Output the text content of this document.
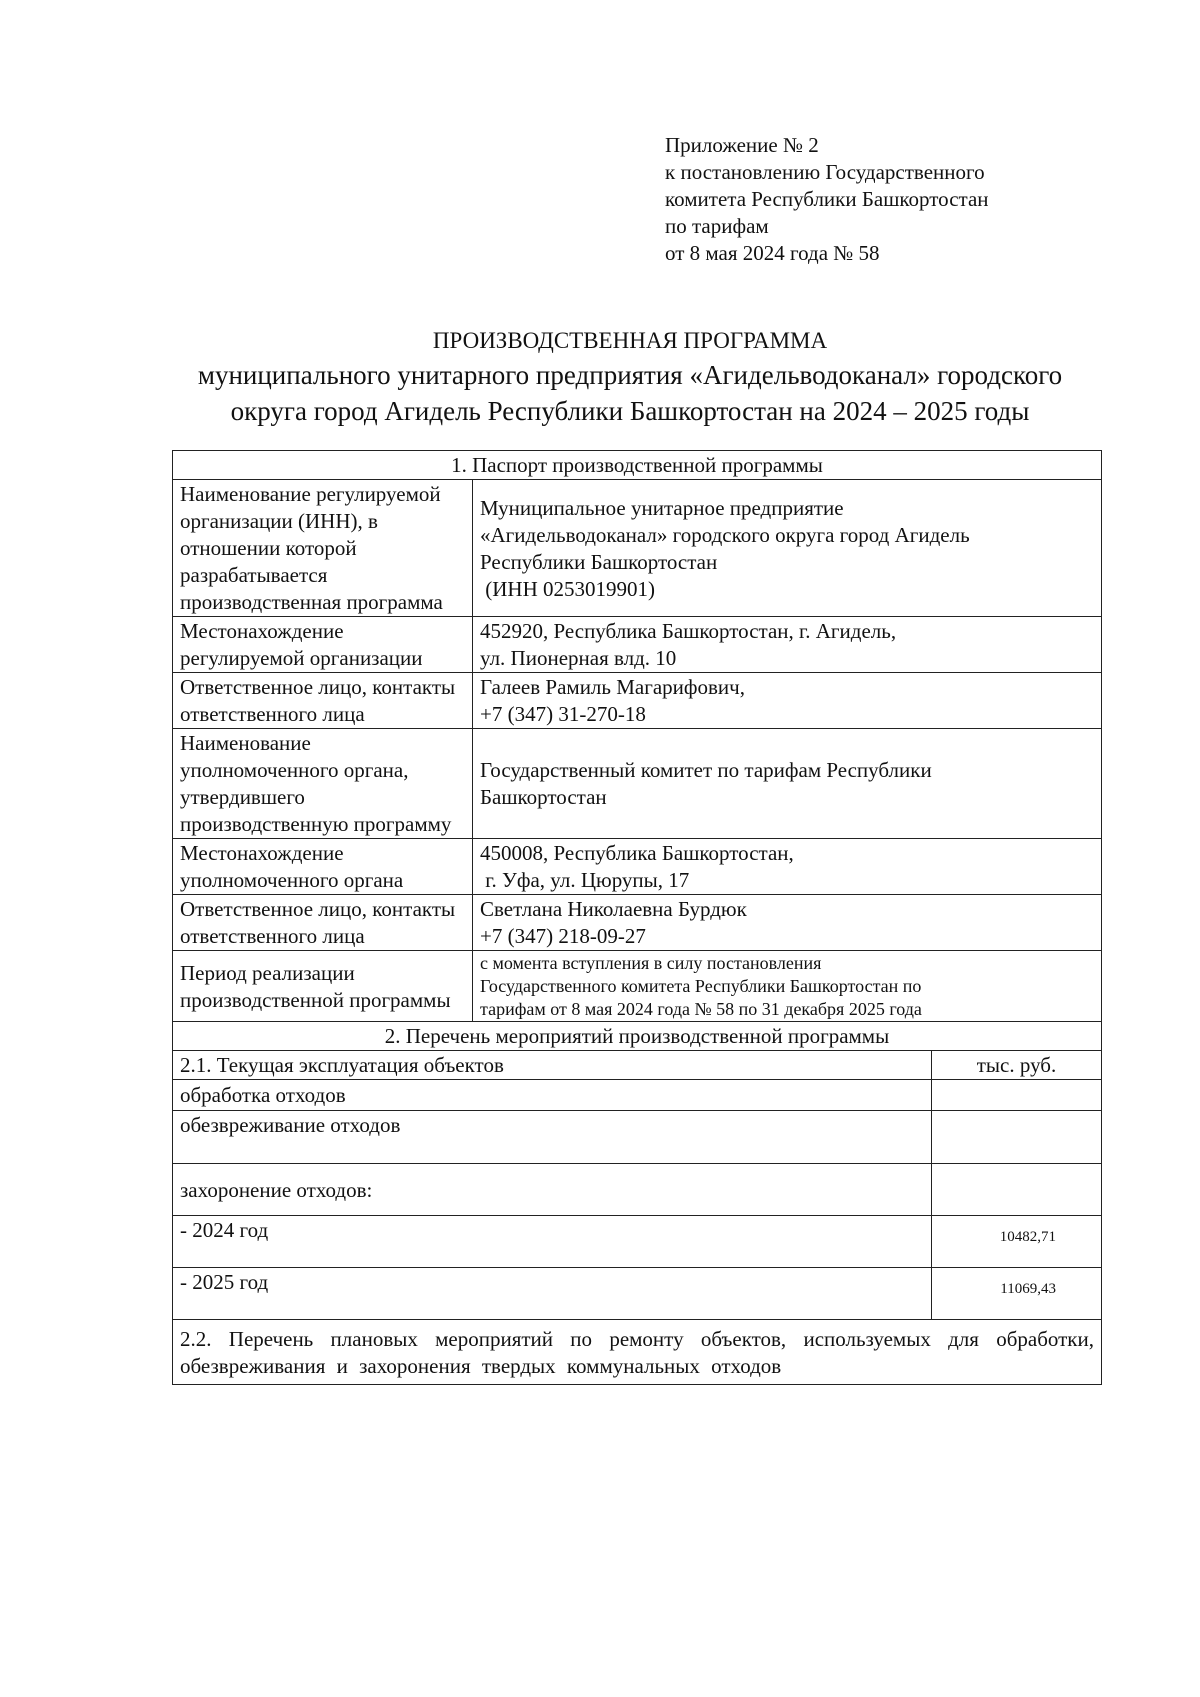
Приложение № 2
к постановлению Государственного
комитета Республики Башкортостан
по тарифам
от 8 мая 2024 года № 58
ПРОИЗВОДСТВЕННАЯ ПРОГРАММА
муниципального унитарного предприятия «Агидельводоканал» городского
округа город Агидель Республики Башкортостан на 2024 – 2025 годы
1. Паспорт производственной программы		
Наименование регулируемой организации (ИНН), в отношении которой разрабатывается производственная программа	Муниципальное унитарное предприятие
«Агидельводоканал» городского округа город Агидель
Республики Башкортостан
(ИНН 0253019901)	

Местонахождение регулируемой организации	452920, Республика Башкортостан, г. Агидель,
ул. Пионерная влд. 10	

Ответственное лицо, контакты ответственного лица	Галеев Рамиль Магарифович,
+7 (347) 31-270-18	

Наименование уполномоченного органа, утвердившего производственную программу	Государственный комитет по тарифам Республики
Башкортостан	

Местонахождение уполномоченного органа	450008, Республика Башкортостан,
г. Уфа, ул. Цюрупы, 17	

Ответственное лицо, контакты ответственного лица	Светлана Николаевна Бурдюк
+7 (347) 218-09-27	

Период реализации производственной программы	с момента вступления в силу постановления
Государственного комитета Республики Башкортостан по
тарифам от 8 мая 2024 года № 58 по 31 декабря 2025 года	

2. Перечень мероприятий производственной программы		
2.1. Текущая эксплуатация объектов		тыс. руб.
обработка отходов		
обезвреживание отходов		
захоронение отходов:		
- 2024 год		10482,71
- 2025 год		11069,43
2.2. Перечень плановых мероприятий по ремонту объектов, используемых для обработки, обезвреживания и захоронения твердых коммунальных отходов		
